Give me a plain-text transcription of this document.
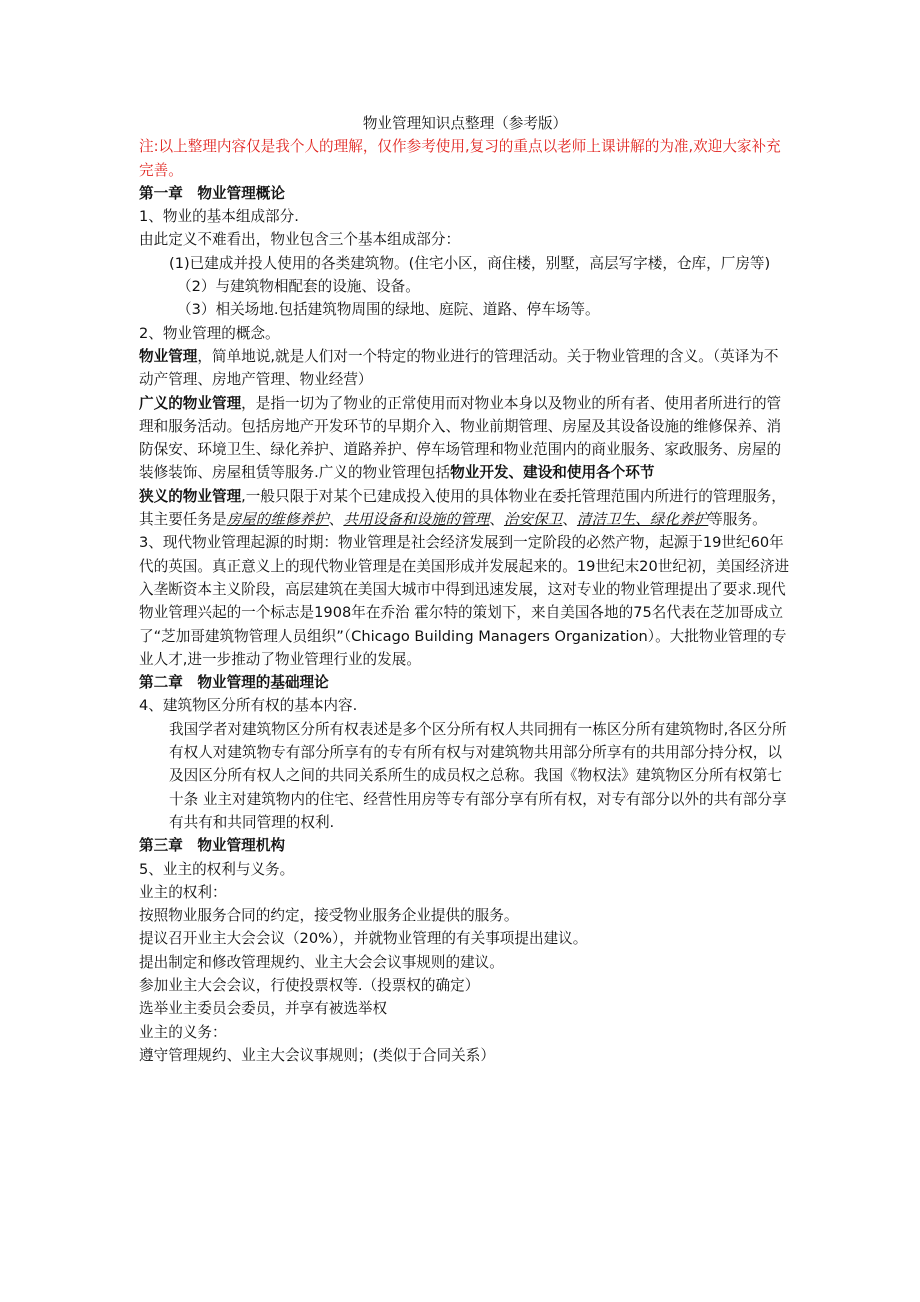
物业管理知识点整理（参考版）

注:以上整理内容仅是我个人的理解，仅作参考使用,复习的重点以老师上课讲解的为准,欢迎大家补充完善。

第一章　物业管理概论

1、物业的基本组成部分.

由此定义不难看出，物业包含三个基本组成部分：

(1)已建成并投人使用的各类建筑物。(住宅小区，商住楼，别墅，高层写字楼，仓库，厂房等)

（2）与建筑物相配套的设施、设备。

（3）相关场地.包括建筑物周围的绿地、庭院、道路、停车场等。

2、物业管理的概念。

物业管理，简单地说,就是人们对一个特定的物业进行的管理活动。关于物业管理的含义。（英译为不动产管理、房地产管理、物业经营）

广义的物业管理，是指一切为了物业的正常使用而对物业本身以及物业的所有者、使用者所进行的管理和服务活动。包括房地产开发环节的早期介入、物业前期管理、房屋及其设备设施的维修保养、消防保安、环境卫生、绿化养护、道路养护、停车场管理和物业范围内的商业服务、家政服务、房屋的装修装饰、房屋租赁等服务.广义的物业管理包括物业开发、建设和使用各个环节

狭义的物业管理,一般只限于对某个已建成投入使用的具体物业在委托管理范围内所进行的管理服务，其主要任务是房屋的维修养护、共用设备和设施的管理、治安保卫、清洁卫生、绿化养护等服务。

3、现代物业管理起源的时期：物业管理是社会经济发展到一定阶段的必然产物，起源于19世纪60年代的英国。真正意义上的现代物业管理是在美国形成并发展起来的。19世纪末20世纪初，美国经济进入垄断资本主义阶段，高层建筑在美国大城市中得到迅速发展，这对专业的物业管理提出了要求.现代物业管理兴起的一个标志是1908年在乔治 霍尔特的策划下，来自美国各地的75名代表在芝加哥成立了“芝加哥建筑物管理人员组织”（Chicago Building Managers Organization）。大批物业管理的专业人才,进一步推动了物业管理行业的发展。

第二章　物业管理的基础理论

4、建筑物区分所有权的基本内容.

我国学者对建筑物区分所有权表述是多个区分所有权人共同拥有一栋区分所有建筑物时,各区分所有权人对建筑物专有部分所享有的专有所有权与对建筑物共用部分所享有的共用部分持分权，以及因区分所有权人之间的共同关系所生的成员权之总称。我国《物权法》建筑物区分所有权第七十条 业主对建筑物内的住宅、经营性用房等专有部分享有所有权，对专有部分以外的共有部分享有共有和共同管理的权利.

第三章　物业管理机构

5、业主的权利与义务。

业主的权利：

按照物业服务合同的约定，接受物业服务企业提供的服务。

提议召开业主大会会议（20%），并就物业管理的有关事项提出建议。

提出制定和修改管理规约、业主大会会议事规则的建议。

参加业主大会会议，行使投票权等.（投票权的确定）

选举业主委员会委员，并享有被选举权

业主的义务：

遵守管理规约、业主大会议事规则；(类似于合同关系）
